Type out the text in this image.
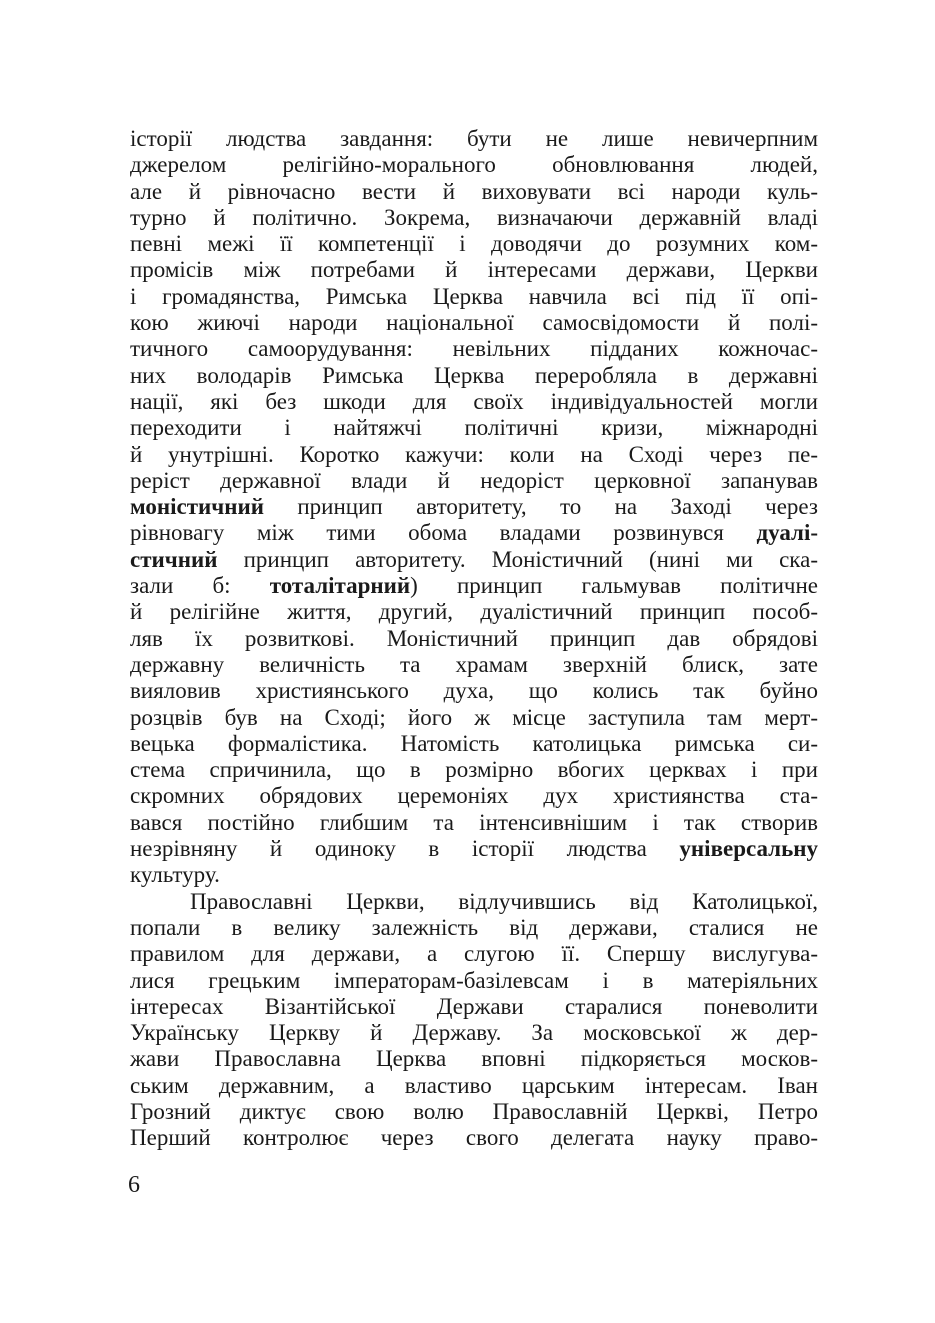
історії людства завдання: бути не лише невичерпним
джерелом релігійно-морального обновлювання людей,
але й рівночасно вести й виховувати всі народи куль-
турно й політично. Зокрема, визначаючи державній владі
певні межі її компетенції і доводячи до розумних ком-
промісів між потребами й інтересами держави, Церкви
і громадянства, Римська Церква навчила всі під її опі-
кою жиючі народи національної самосвідомости й полі-
тичного самоорудування: невільних підданих кожночас-
них володарів Римська Церква переробляла в державні
нації, які без шкоди для своїх індивідуальностей могли
переходити і найтяжчі політичні кризи, міжнародні
й унутрішні. Коротко кажучи: коли на Сході через пе-
реріст державної влади й недоріст церковної запанував
моністичний принцип авторитету, то на Заході через
рівновагу між тими обома владами розвинувся дуалі-
стичний принцип авторитету. Моністичний (нині ми ска-
зали б: тоталітарний) принцип гальмував політичне
й релігійне життя, другий, дуалістичний принцип пособ-
ляв їх розвиткові. Моністичний принцип дав обрядові
державну величність та храмам зверхній блиск, зате
вияловив християнського духа, що колись так буйно
розцвів був на Сході; його ж місце заступила там мерт-
вецька формалістика. Натомість католицька римська си-
стема спричинила, що в розмірно вбогих церквах і при
скромних обрядових церемоніях дух християнства ста-
вався постійно глибшим та інтенсивнішим і так створив
незрівняну й одиноку в історії людства універсальну
культуру.
Православні Церкви, відлучившись від Католицької,
попали в велику залежність від держави, сталися не
правилом для держави, а слугою її. Спершу вислугува-
лися грецьким імператорам-базілевсам і в матеріяльних
інтересах Візантійської Держави старалися поневолити
Українську Церкву й Державу. За московської ж дер-
жави Православна Церква вповні підкоряється москов-
ським державним, а властиво царським інтересам. Іван
Грозний диктує свою волю Православній Церкві, Петро
Перший контролює через свого делегата науку право-
6
